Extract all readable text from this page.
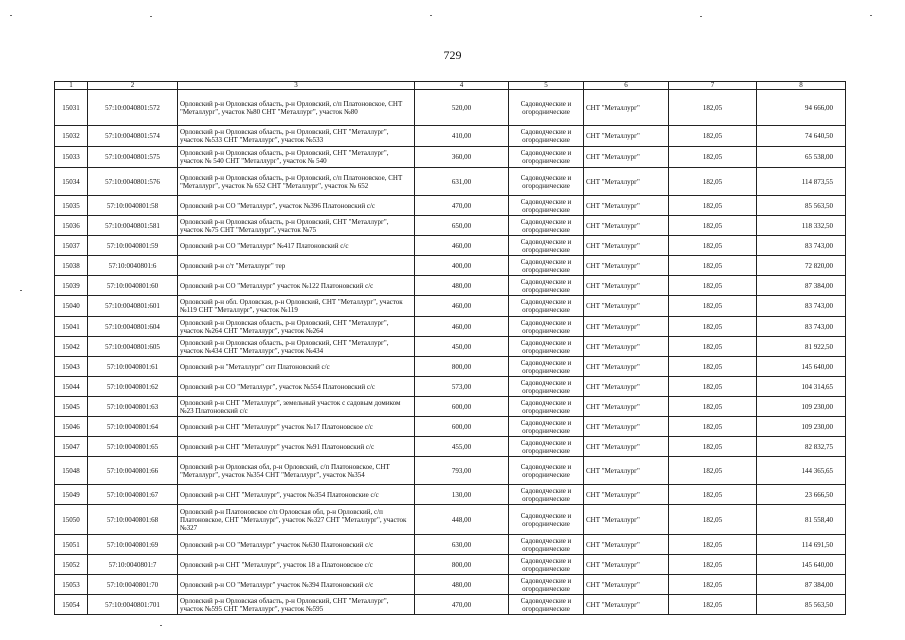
729
1	2	3	4	5	6	7	8
15031	57:10:0040801:572	Орловский р-н Орловская область, р-н Орловский, с/п Платоновское, СНТ "Металлург", участок №80 СНТ "Металлург", участок №80	520,00	Садоводческие и огороднические	СНТ "Металлург"	182,05	94 666,00
15032	57:10:0040801:574	Орловский р-н Орловская область, р-н Орловский, СНТ "Металлург", участок №533 СНТ "Металлург", участок №533	410,00	Садоводческие и огороднические	СНТ "Металлург"	182,05	74 640,50
15033	57:10:0040801:575	Орловский р-н Орловская область, р-н Орловский, СНТ "Металлург", участок № 540 СНТ "Металлург", участок № 540	360,00	Садоводческие и огороднические	СНТ "Металлург"	182,05	65 538,00
15034	57:10:0040801:576	Орловский р-н Орловская область, р-н Орловский, с/п Платоновское, СНТ "Металлург", участок № 652 СНТ "Металлург", участок № 652	631,00	Садоводческие и огороднические	СНТ "Металлург"	182,05	114 873,55
15035	57:10:0040801:58	Орловский р-н СО "Металлург", участок №396 Платоновский с/с	470,00	Садоводческие и огороднические	СНТ "Металлург"	182,05	85 563,50
15036	57:10:0040801:581	Орловский р-н Орловская область, р-н Орловский, СНТ "Металлург", участок №75 СНТ "Металлург", участок №75	650,00	Садоводческие и огороднические	СНТ "Металлург"	182,05	118 332,50
15037	57:10:0040801:59	Орловский р-н СО "Металлург" №417 Платоновский с/с	460,00	Садоводческие и огороднические	СНТ "Металлург"	182,05	83 743,00
15038	57:10:0040801:6	Орловский р-н с/т "Металлург" тер	400,00	Садоводческие и огороднические	СНТ "Металлург"	182,05	72 820,00
15039	57:10:0040801:60	Орловский р-н СО "Металлург" участок №122 Платоновский с/с	480,00	Садоводческие и огороднические	СНТ "Металлург"	182,05	87 384,00
15040	57:10:0040801:601	Орловский р-н обл. Орловская, р-н Орловский, СНТ "Металлург", участок №119 СНТ "Металлург", участок №119	460,00	Садоводческие и огороднические	СНТ "Металлург"	182,05	83 743,00
15041	57:10:0040801:604	Орловский р-н Орловская область, р-н Орловский, СНТ "Металлург", участок №264 СНТ "Металлург", участок №264	460,00	Садоводческие и огороднические	СНТ "Металлург"	182,05	83 743,00
15042	57:10:0040801:605	Орловский р-н Орловская область, р-н Орловский, СНТ "Металлург", участок №434 СНТ "Металлург", участок №434	450,00	Садоводческие и огороднические	СНТ "Металлург"	182,05	81 922,50
15043	57:10:0040801:61	Орловский р-н "Металлург" снт Платоновский с/с	800,00	Садоводческие и огороднические	СНТ "Металлург"	182,05	145 640,00
15044	57:10:0040801:62	Орловский р-н СО "Металлург", участок №554 Платоновский с/с	573,00	Садоводческие и огороднические	СНТ "Металлург"	182,05	104 314,65
15045	57:10:0040801:63	Орловский р-н СНТ "Металлург", земельный участок с садовым домиком №23 Платоновский с/с	600,00	Садоводческие и огороднические	СНТ "Металлург"	182,05	109 230,00
15046	57:10:0040801:64	Орловский р-н СНТ "Металлург" участок №17 Платоновское с/с	600,00	Садоводческие и огороднические	СНТ "Металлург"	182,05	109 230,00
15047	57:10:0040801:65	Орловский р-н СНТ "Металлург" участок №91 Платоновский с/с	455,00	Садоводческие и огороднические	СНТ "Металлург"	182,05	82 832,75
15048	57:10:0040801:66	Орловский р-н Орловская обл, р-н Орловский, с/п Платоновское, СНТ "Металлург", участок №354 СНТ "Металлург", участок №354	793,00	Садоводческие и огороднические	СНТ "Металлург"	182,05	144 365,65
15049	57:10:0040801:67	Орловский р-н СНТ "Металлург", участок №354 Платоновские с/с	130,00	Садоводческие и огороднические	СНТ "Металлург"	182,05	23 666,50
15050	57:10:0040801:68	Орловский р-н Платоновское с/п Орловская обл, р-н Орловский, с/п Платоновское, СНТ "Металлург", участок №327 СНТ "Металлург", участок №327	448,00	Садоводческие и огороднические	СНТ "Металлург"	182,05	81 558,40
15051	57:10:0040801:69	Орловский р-н СО "Металлург" участок №630 Платоновский с/с	630,00	Садоводческие и огороднические	СНТ "Металлург"	182,05	114 691,50
15052	57:10:0040801:7	Орловский р-н СНТ "Металлург", участок 18 а Платоновское с/с	800,00	Садоводческие и огороднические	СНТ "Металлург"	182,05	145 640,00
15053	57:10:0040801:70	Орловский р-н СО "Металлург" участок №394 Платоновский с/с	480,00	Садоводческие и огороднические	СНТ "Металлург"	182,05	87 384,00
15054	57:10:0040801:701	Орловский р-н Орловская область, р-н Орловский, СНТ "Металлург", участок №595 СНТ "Металлург", участок №595	470,00	Садоводческие и огороднические	СНТ "Металлург"	182,05	85 563,50
